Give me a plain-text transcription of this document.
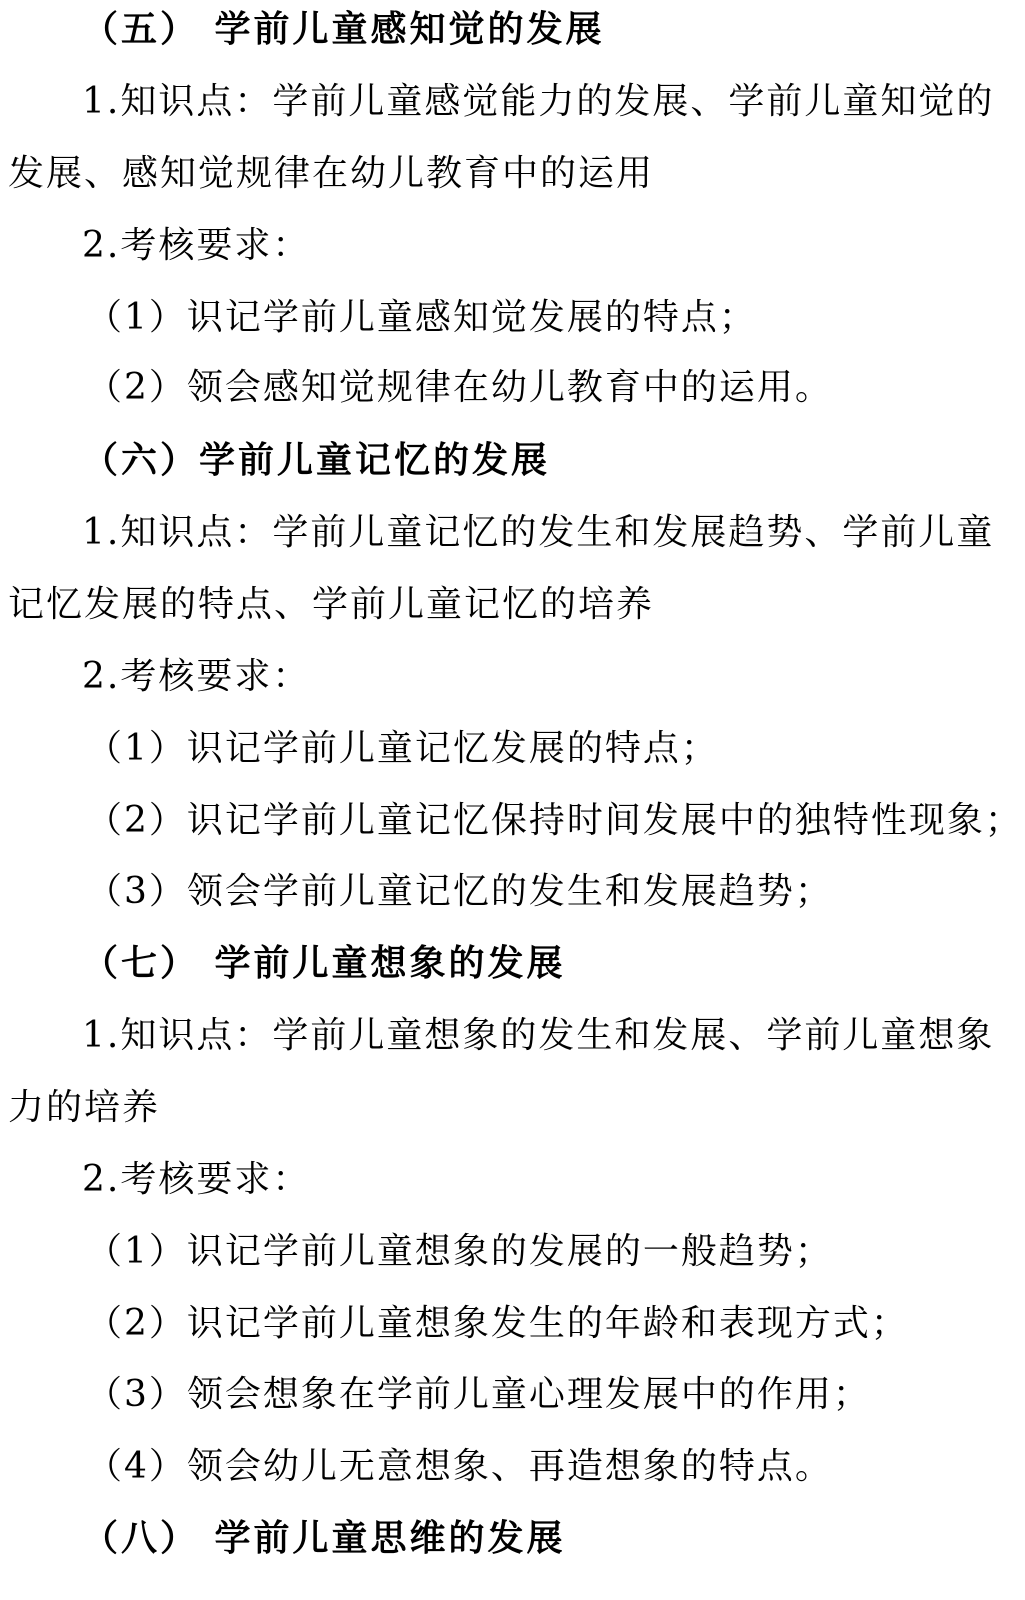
（五） 学前儿童感知觉的发展
1.知识点：学前儿童感觉能力的发展、学前儿童知觉的
发展、感知觉规律在幼儿教育中的运用
2.考核要求：
（1）识记学前儿童感知觉发展的特点；
（2）领会感知觉规律在幼儿教育中的运用。
（六）学前儿童记忆的发展
1.知识点：学前儿童记忆的发生和发展趋势、学前儿童
记忆发展的特点、学前儿童记忆的培养
2.考核要求：
（1）识记学前儿童记忆发展的特点；
（2）识记学前儿童记忆保持时间发展中的独特性现象；
（3）领会学前儿童记忆的发生和发展趋势；
（七） 学前儿童想象的发展
1.知识点：学前儿童想象的发生和发展、学前儿童想象
力的培养
2.考核要求：
（1）识记学前儿童想象的发展的一般趋势；
（2）识记学前儿童想象发生的年龄和表现方式；
（3）领会想象在学前儿童心理发展中的作用；
（4）领会幼儿无意想象、再造想象的特点。
（八） 学前儿童思维的发展
